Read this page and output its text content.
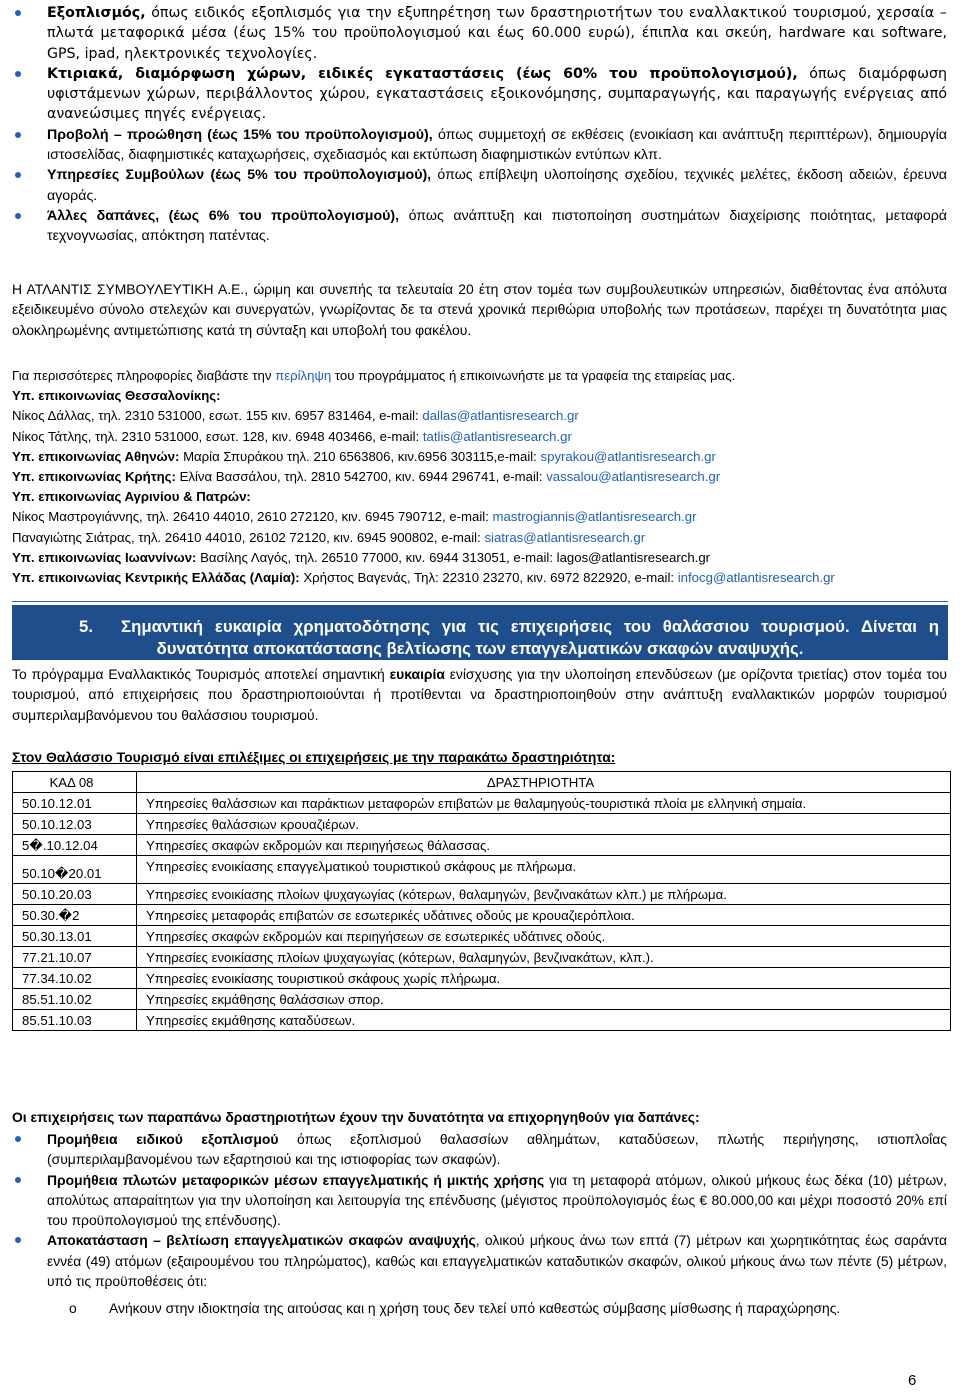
Εξοπλισμός, όπως ειδικός εξοπλισμός για την εξυπηρέτηση των δραστηριοτήτων του εναλλακτικού τουρισμού, χερσαία – πλωτά μεταφορικά μέσα (έως 15% του προϋπολογισμού και έως 60.000 ευρώ), έπιπλα και σκεύη, hardware και software, GPS, ipad, ηλεκτρονικές τεχνολογίες.
Κτιριακά, διαμόρφωση χώρων, ειδικές εγκαταστάσεις (έως 60% του προϋπολογισμού), όπως διαμόρφωση υφιστάμενων χώρων, περιβάλλοντος χώρου, εγκαταστάσεις εξοικονόμησης, συμπαραγωγής, και παραγωγής ενέργειας από ανανεώσιμες πηγές ενέργειας.
Προβολή – προώθηση (έως 15% του προϋπολογισμού), όπως συμμετοχή σε εκθέσεις (ενοικίαση και ανάπτυξη περιπτέρων), δημιουργία ιστοσελίδας, διαφημιστικές καταχωρήσεις, σχεδιασμός και εκτύπωση διαφημιστικών εντύπων κλπ.
Υπηρεσίες Συμβούλων (έως 5% του προϋπολογισμού), όπως επίβλεψη υλοποίησης σχεδίου, τεχνικές μελέτες, έκδοση αδειών, έρευνα αγοράς.
Άλλες δαπάνες, (έως 6% του προϋπολογισμού), όπως ανάπτυξη και πιστοποίηση συστημάτων διαχείρισης ποιότητας, μεταφορά τεχνογνωσίας, απόκτηση πατέντας.
Η ΑΤΛΑΝΤΙΣ ΣΥΜΒΟΥΛΕΥΤΙΚΗ Α.Ε., ώριμη και συνεπής τα τελευταία 20 έτη στον τομέα των συμβουλευτικών υπηρεσιών, διαθέτοντας ένα απόλυτα εξειδικευμένο σύνολο στελεχών και συνεργατών, γνωρίζοντας δε τα στενά χρονικά περιθώρια υποβολής των προτάσεων, παρέχει τη δυνατότητα μιας ολοκληρωμένης αντιμετώπισης κατά τη σύνταξη και υποβολή του φακέλου.
Για περισσότερες πληροφορίες διαβάστε την περίληψη του προγράμματος ή επικοινωνήστε με τα γραφεία της εταιρείας μας.
Υπ. επικοινωνίας Θεσσαλονίκης:
Νίκος Δάλλας, τηλ. 2310 531000, εσωτ. 155 κιν. 6957 831464, e-mail: dallas@atlantisresearch.gr
Νίκος Τάτλης, τηλ. 2310 531000, εσωτ. 128, κιν. 6948 403466, e-mail: tatlis@atlantisresearch.gr
Υπ. επικοινωνίας Αθηνών: Μαρία Σπυράκου τηλ. 210 6563806, κιν.6956 303115,e-mail: spyrakou@atlantisresearch.gr
Υπ. επικοινωνίας Κρήτης: Ελίνα Βασσάλου, τηλ. 2810 542700, κιν. 6944 296741, e-mail: vassalou@atlantisresearch.gr
Υπ. επικοινωνίας Αγρινίου & Πατρών:
Νίκος Μαστρογιάννης, τηλ. 26410 44010, 2610 272120, κιν. 6945 790712, e-mail: mastrogiannis@atlantisresearch.gr
Παναγιώτης Σιάτρας, τηλ. 26410 44010, 26102 72120, κιν. 6945 900802, e-mail: siatras@atlantisresearch.gr
Υπ. επικοινωνίας Ιωαννίνων: Βασίλης Λαγός, τηλ. 26510 77000, κιν. 6944 313051, e-mail: lagos@atlantisresearch.gr
Υπ. επικοινωνίας Κεντρικής Ελλάδας (Λαμία): Χρήστος Βαγενάς, Τηλ: 22310 23270, κιν. 6972 822920, e-mail: infocg@atlantisresearch.gr
5. Σημαντική ευκαιρία χρηματοδότησης για τις επιχειρήσεις του θαλάσσιου τουρισμού. Δίνεται η
δυνατότητα αποκατάστασης βελτίωσης των επαγγελματικών σκαφών αναψυχής.
Το πρόγραμμα Εναλλακτικός Τουρισμός αποτελεί σημαντική ευκαιρία ενίσχυσης για την υλοποίηση επενδύσεων (με ορίζοντα τριετίας) στον τομέα του τουρισμού, από επιχειρήσεις που δραστηριοποιούνται ή προτίθενται να δραστηριοποιηθούν στην ανάπτυξη εναλλακτικών μορφών τουρισμού συμπεριλαμβανόμενου του θαλάσσιου τουρισμού.
Στον Θαλάσσιο Τουρισμό είναι επιλέξιμες οι επιχειρήσεις με την παρακάτω δραστηριότητα:
ΚΑΔ 08	ΔΡΑΣΤΗΡΙΟΤΗΤΑ
50.10.12.01	Υπηρεσίες θαλάσσιων και παράκτιων μεταφορών επιβατών με θαλαμηγούς-τουριστικά πλοία με ελληνική σημαία.
50.10.12.03	Υπηρεσίες θαλάσσιων κρουαζιέρων.
5�.10.12.04	Υπηρεσίες σκαφών εκδρομών και περιηγήσεως θάλασσας.
50.10�20.01	Υπηρεσίες ενοικίασης επαγγελματικού τουριστικού σκάφους με πλήρωμα.
50.10.20.03	Υπηρεσίες ενοικίασης πλοίων ψυχαγωγίας (κότερων, θαλαμηγών, βενζινακάτων κλπ.) με πλήρωμα.
50.30.�2	Υπηρεσίες μεταφοράς επιβατών σε εσωτερικές υδάτινες οδούς με κρουαζιερόπλοια.
50.30.13.01	Υπηρεσίες σκαφών εκδρομών και περιηγήσεων σε εσωτερικές υδάτινες οδούς.
77.21.10.07	Υπηρεσίες ενοικίασης πλοίων ψυχαγωγίας (κότερων, θαλαμηγών, βενζινακάτων, κλπ.).
77.34.10.02	Υπηρεσίες ενοικίασης τουριστικού σκάφους χωρίς πλήρωμα.
85.51.10.02	Υπηρεσίες εκμάθησης θαλάσσιων σπορ.
85.51.10.03	Υπηρεσίες εκμάθησης καταδύσεων.
Οι επιχειρήσεις των παραπάνω δραστηριοτήτων έχουν την δυνατότητα να επιχορηγηθούν για δαπάνες:
Προμήθεια ειδικού εξοπλισμού όπως εξοπλισμού θαλασσίων αθλημάτων, καταδύσεων, πλωτής περιήγησης, ιστιοπλοΐας (συμπεριλαμβανομένου των εξαρτησιού και της ιστιοφορίας των σκαφών).
Προμήθεια πλωτών μεταφορικών μέσων επαγγελματικής ή μικτής χρήσης για τη μεταφορά ατόμων, ολικού μήκους έως δέκα (10) μέτρων, απολύτως απαραίτητων για την υλοποίηση και λειτουργία της επένδυσης (μέγιστος προϋπολογισμός έως € 80.000,00 και μέχρι ποσοστό 20% επί του προϋπολογισμού της επένδυσης).
Αποκατάσταση – βελτίωση επαγγελματικών σκαφών αναψυχής, ολικού μήκους άνω των επτά (7) μέτρων και χωρητικότητας έως σαράντα εννέα (49) ατόμων (εξαιρουμένου του πληρώματος), καθώς και επαγγελματικών καταδυτικών σκαφών, ολικού μήκους άνω των πέντε (5) μέτρων, υπό τις προϋποθέσεις ότι:
o Ανήκουν στην ιδιοκτησία της αιτούσας και η χρήση τους δεν τελεί υπό καθεστώς σύμβασης μίσθωσης ή παραχώρησης.
6
